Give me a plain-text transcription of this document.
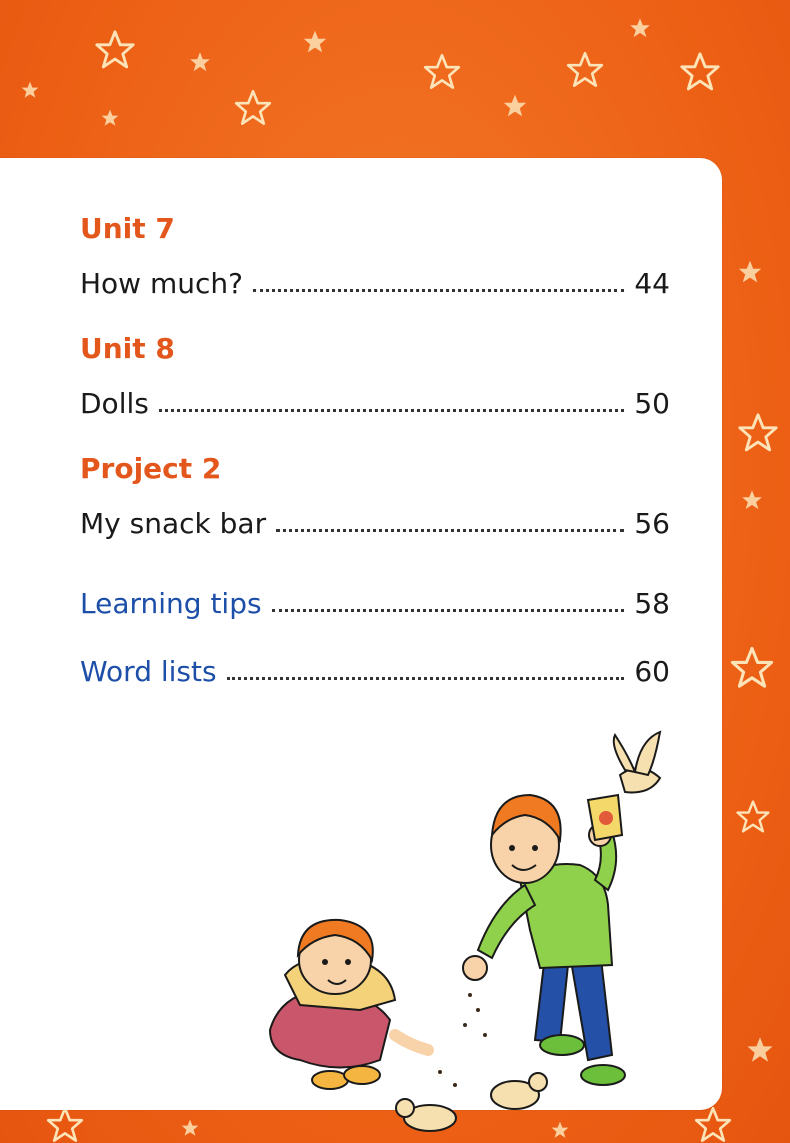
Unit 7
How much?	44
Unit 8
Dolls	50
Project 2
My snack bar	56
Learning tips	58
Word lists	60
